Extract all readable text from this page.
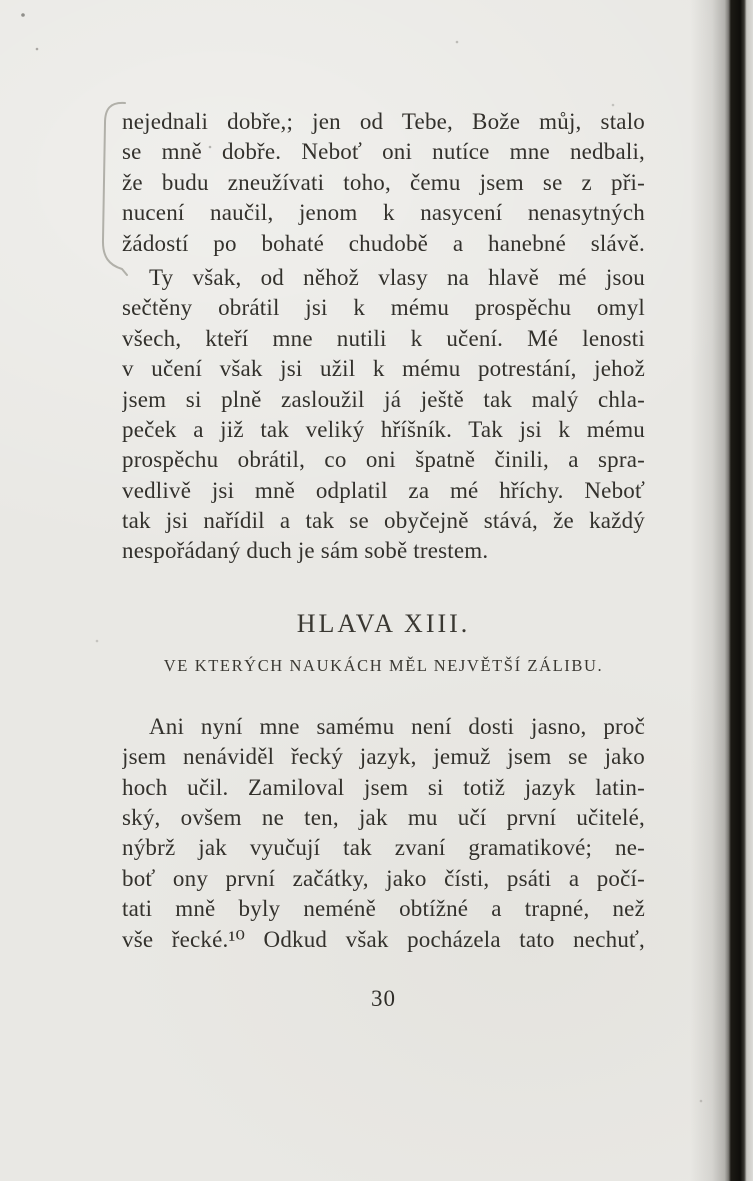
nejednali dobře,; jen od Tebe, Bože můj, stalo
se mně dobře. Neboť oni nutíce mne nedbali,
že budu zneužívati toho, čemu jsem se z při-
nucení naučil, jenom k nasycení nenasytných
žádostí po bohaté chudobě a hanebné slávě.
Ty však, od něhož vlasy na hlavě mé jsou
sečtěny obrátil jsi k mému prospěchu omyl
všech, kteří mne nutili k učení. Mé lenosti
v učení však jsi užil k mému potrestání, jehož
jsem si plně zasloužil já ještě tak malý chla-
peček a již tak veliký hříšník. Tak jsi k mému
prospěchu obrátil, co oni špatně činili, a spra-
vedlivě jsi mně odplatil za mé hříchy. Neboť
tak jsi nařídil a tak se obyčejně stává, že každý
nespořádaný duch je sám sobě trestem.
HLAVA XIII.
VE KTERÝCH NAUKÁCH MĚL NEJVĚTŠÍ ZÁLIBU.
Ani nyní mne samému není dosti jasno, proč
jsem nenáviděl řecký jazyk, jemuž jsem se jako
hoch učil. Zamiloval jsem si totiž jazyk latin-
ský, ovšem ne ten, jak mu učí první učitelé,
nýbrž jak vyučují tak zvaní gramatikové; ne-
boť ony první začátky, jako čísti, psáti a počí-
tati mně byly neméně obtížné a trapné, než
vše řecké.¹⁰ Odkud však pocházela tato nechuť,
30
